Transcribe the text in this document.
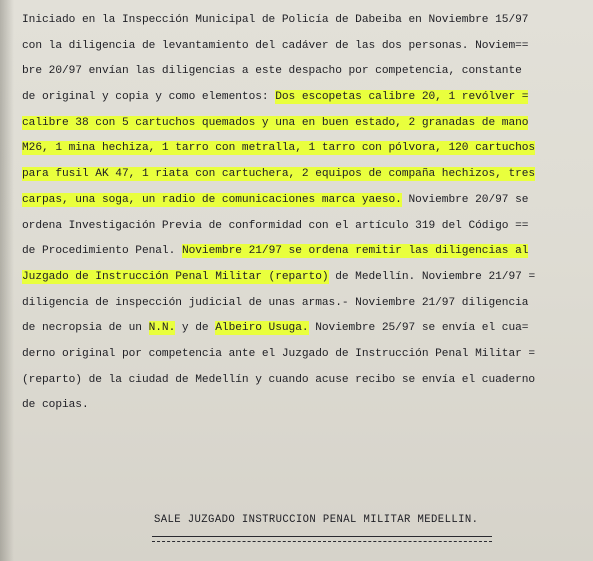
Iniciado en la Inspección Municipal de Policía de Dabeiba en Noviembre 15/97
con la diligencia de levantamiento del cadáver de las dos personas. Noviem==
bre 20/97 envían las diligencias a este despacho por competencia, constante
de original y copia y como elementos: Dos escopetas calibre 20, 1 revólver =
calibre 38 con 5 cartuchos quemados y una en buen estado, 2 granadas de mano
M26, 1 mina hechiza, 1 tarro con metralla, 1 tarro con pólvora, 120 cartuchos
para fusil AK 47, 1 riata con cartuchera, 2 equipos de compaña hechizos, tres
carpas, una soga, un radio de comunicaciones marca yaeso. Noviembre 20/97 se
ordena Investigación Previa de conformidad con el artículo 319 del Código ==
de Procedimiento Penal. Noviembre 21/97 se ordena remitir las diligencias al
Juzgado de Instrucción Penal Militar (reparto) de Medellín. Noviembre 21/97 =
diligencia de inspección judicial de unas armas.- Noviembre 21/97 diligencia
de necropsia de un N.N. y de Albeiro Usuga. Noviembre 25/97 se envía el cua=
derno original por competencia ante el Juzgado de Instrucción Penal Militar =
(reparto) de la ciudad de Medellín y cuando acuse recibo se envía el cuaderno
de copias.
SALE JUZGADO INSTRUCCION PENAL MILITAR MEDELLIN.
